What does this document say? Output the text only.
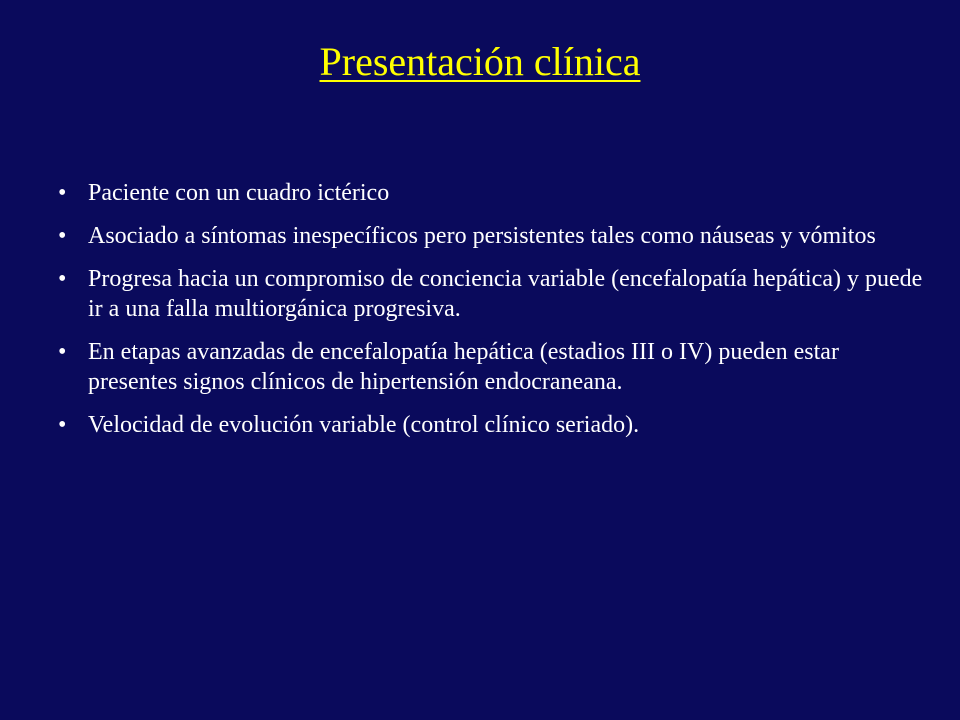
Presentación clínica
• Paciente con un cuadro ictérico
• Asociado a síntomas inespecíficos pero persistentes tales como náuseas y vómitos
• Progresa hacia un compromiso de conciencia variable (encefalopatía hepática) y puede ir a una falla multiorgánica progresiva.
• En etapas avanzadas de encefalopatía hepática (estadios III o IV) pueden estar presentes signos clínicos de hipertensión endocraneana.
• Velocidad de evolución variable (control clínico seriado).
